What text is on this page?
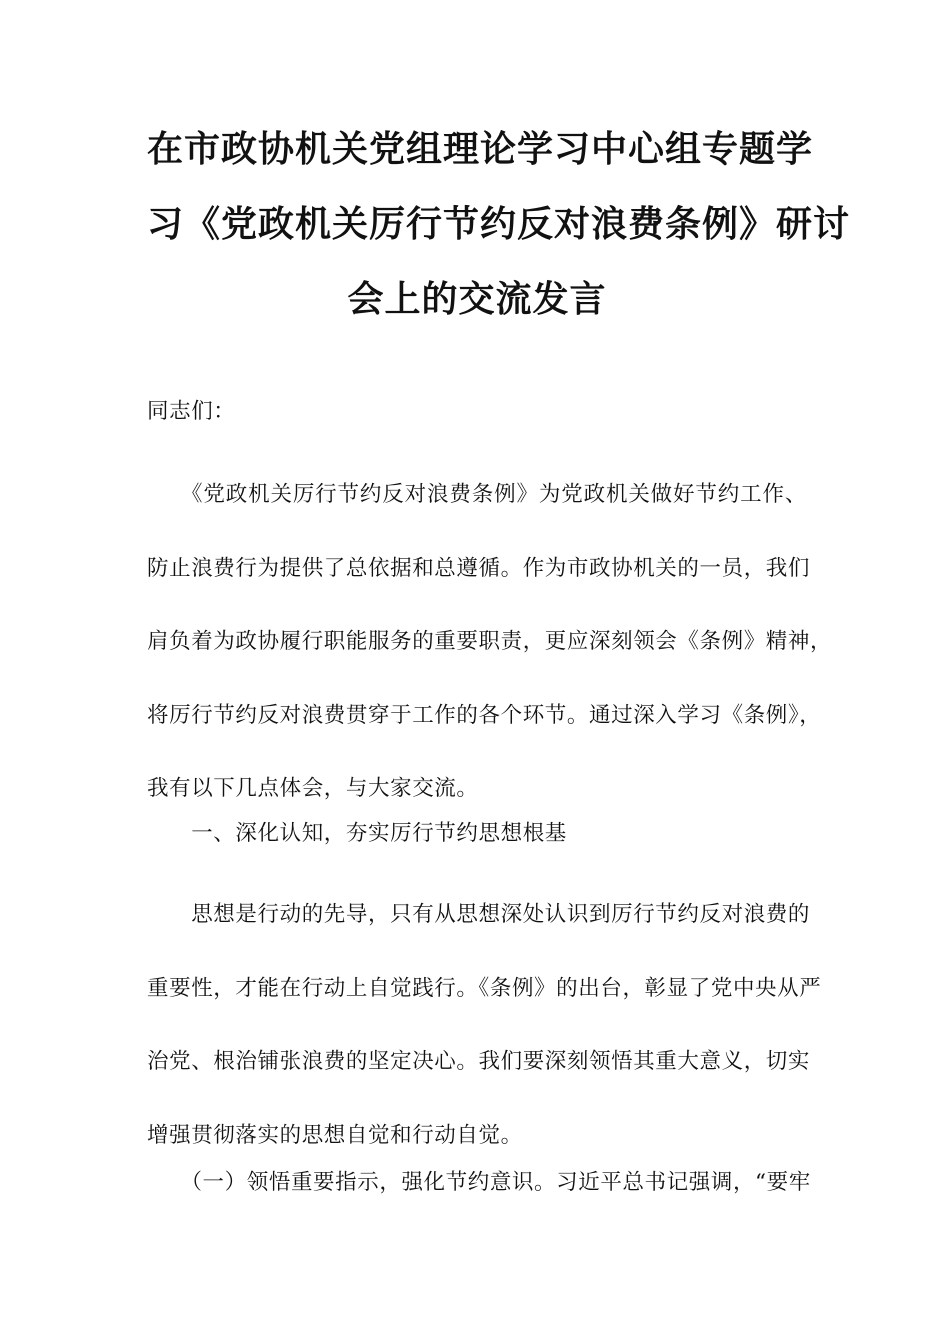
在市政协机关党组理论学习中心组专题学
习《党政机关厉行节约反对浪费条例》研讨
会上的交流发言

同志们：

　　《党政机关厉行节约反对浪费条例》为党政机关做好节约工作、
防止浪费行为提供了总依据和总遵循。作为市政协机关的一员，我们
肩负着为政协履行职能服务的重要职责，更应深刻领会《条例》精神，
将厉行节约反对浪费贯穿于工作的各个环节。通过深入学习《条例》，
我有以下几点体会，与大家交流。
　　一、深化认知，夯实厉行节约思想根基
　　思想是行动的先导，只有从思想深处认识到厉行节约反对浪费的
重要性，才能在行动上自觉践行。《条例》的出台，彰显了党中央从严
治党、根治铺张浪费的坚定决心。我们要深刻领悟其重大意义，切实
增强贯彻落实的思想自觉和行动自觉。
　　（一）领悟重要指示，强化节约意识。习近平总书记强调，“要牢
